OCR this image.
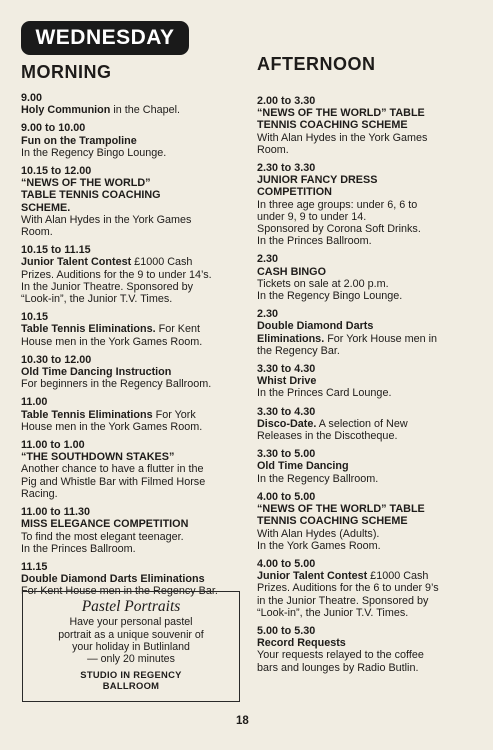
WEDNESDAY
MORNING	AFTERNOON
9.00
Holy Communion in the Chapel.
9.00 to 10.00
Fun on the Trampoline
In the Regency Bingo Lounge.
10.15 to 12.00
“NEWS OF THE WORLD”
TABLE TENNIS COACHING
SCHEME.
With Alan Hydes in the York Games
Room.
10.15 to 11.15
Junior Talent Contest £1000 Cash
Prizes. Auditions for the 9 to under 14’s.
In the Junior Theatre. Sponsored by
“Look-in”, the Junior T.V. Times.
10.15
Table Tennis Eliminations. For Kent
House men in the York Games Room.
10.30 to 12.00
Old Time Dancing Instruction
For beginners in the Regency Ballroom.
11.00
Table Tennis Eliminations For York
House men in the York Games Room.
11.00 to 1.00
“THE SOUTHDOWN STAKES”
Another chance to have a flutter in the
Pig and Whistle Bar with Filmed Horse
Racing.
11.00 to 11.30
MISS ELEGANCE COMPETITION
To find the most elegant teenager.
In the Princes Ballroom.
11.15
Double Diamond Darts Eliminations
For Kent House men in the Regency Bar.
2.00 to 3.30
“NEWS OF THE WORLD” TABLE
TENNIS COACHING SCHEME
With Alan Hydes in the York Games
Room.
2.30 to 3.30
JUNIOR FANCY DRESS
COMPETITION
In three age groups: under 6, 6 to
under 9, 9 to under 14.
Sponsored by Corona Soft Drinks.
In the Princes Ballroom.
2.30
CASH BINGO
Tickets on sale at 2.00 p.m.
In the Regency Bingo Lounge.
2.30
Double Diamond Darts
Eliminations. For York House men in
the Regency Bar.
3.30 to 4.30
Whist Drive
In the Princes Card Lounge.
3.30 to 4.30
Disco-Date. A selection of New
Releases in the Discotheque.
3.30 to 5.00
Old Time Dancing
In the Regency Ballroom.
4.00 to 5.00
“NEWS OF THE WORLD” TABLE
TENNIS COACHING SCHEME
With Alan Hydes (Adults).
In the York Games Room.
4.00 to 5.00
Junior Talent Contest £1000 Cash
Prizes. Auditions for the 6 to under 9’s
in the Junior Theatre. Sponsored by
“Look-in”, the Junior T.V. Times.
5.00 to 5.30
Record Requests
Your requests relayed to the coffee
bars and lounges by Radio Butlin.
Pastel Portraits
Have your personal pastel
portrait as a unique souvenir of
your holiday in Butlinland
— only 20 minutes
STUDIO IN REGENCY
BALLROOM
18
